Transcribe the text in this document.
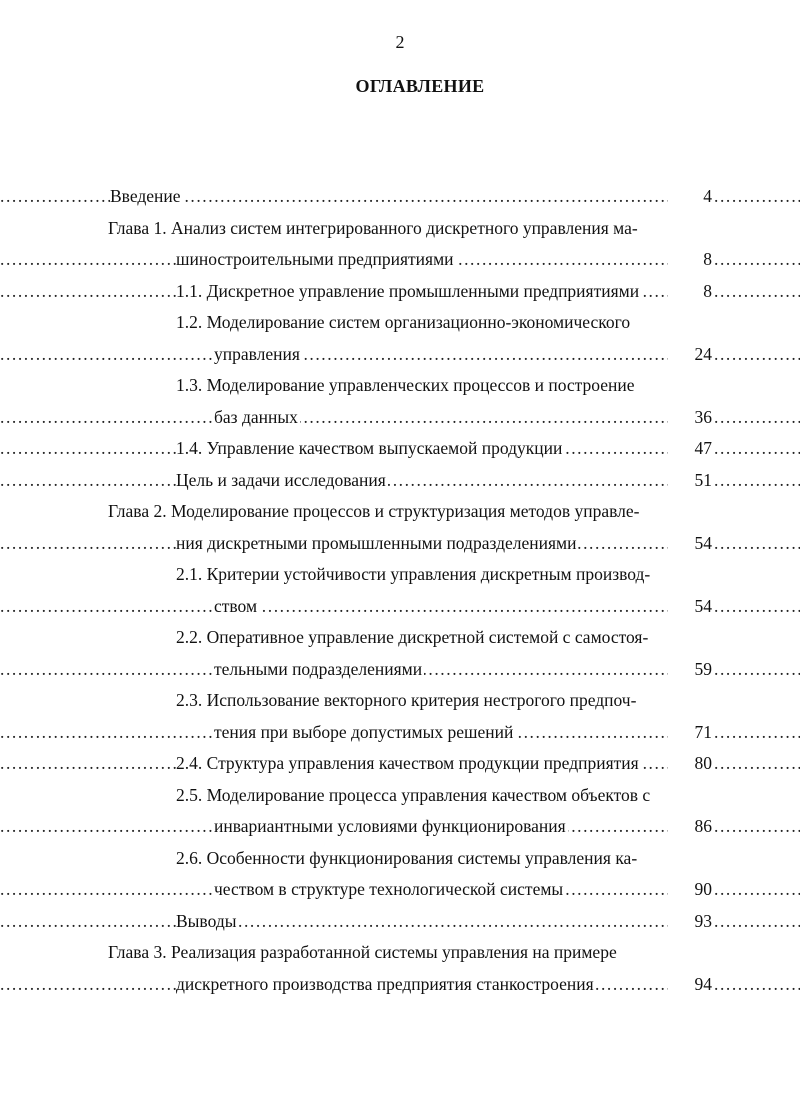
2
ОГЛАВЛЕНИЕ
. . . Введение	4
Глава 1. Анализ систем интегрированного дискретного управления ма-
. . . шиностроительными предприятиями	8
. . . 1.1. Дискретное управление промышленными предприятиями	8
1.2. Моделирование систем организационно-экономического
. . . управления	24
1.3. Моделирование управленческих процессов и построение
. . . баз данных	36
. . . 1.4. Управление качеством выпускаемой продукции	47
. . . Цель и задачи исследования	51
Глава 2. Моделирование процессов и структуризация методов управле-
. . . ния дискретными промышленными подразделениями	54
2.1. Критерии устойчивости управления дискретным производ-
. . . ством	54
2.2. Оперативное управление дискретной системой с самостоя-
. . . тельными подразделениями	59
2.3. Использование векторного критерия нестрогого предпоч-
. . . тения при выборе допустимых решений	71
. . . 2.4. Структура управления качеством продукции предприятия	80
2.5. Моделирование процесса управления качеством объектов с
. . . инвариантными условиями функционирования	86
2.6. Особенности функционирования системы управления ка-
. . . чеством в структуре технологической системы	90
. . . Выводы	93
Глава 3. Реализация разработанной системы управления на примере
. . . дискретного производства предприятия станкостроения	94
